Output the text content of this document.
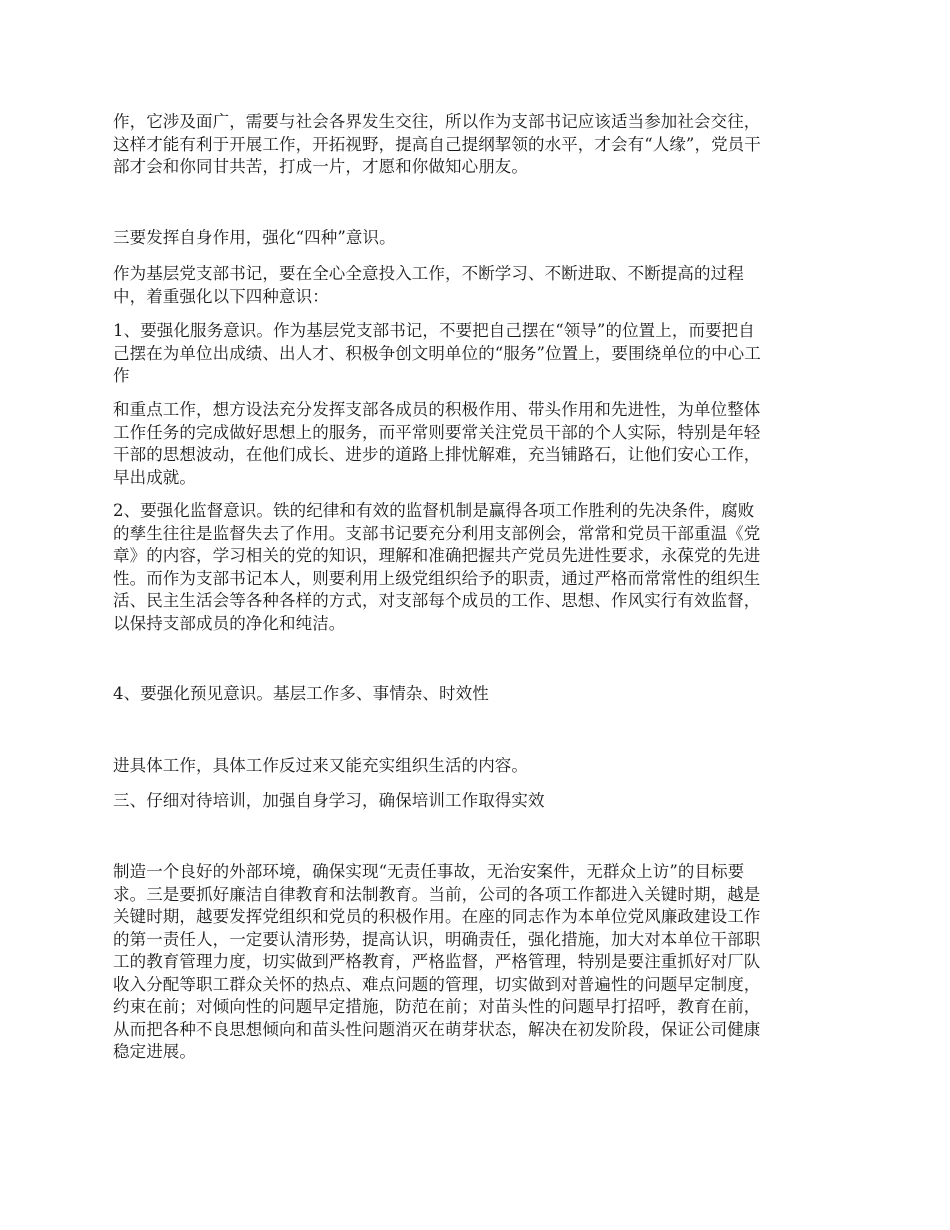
作，它涉及面广，需要与社会各界发生交往，所以作为支部书记应该适当参加社会交往，
这样才能有利于开展工作，开拓视野，提高自己提纲挈领的水平，才会有“人缘”，党员干
部才会和你同甘共苦，打成一片，才愿和你做知心朋友。

三要发挥自身作用，强化“四种”意识。

作为基层党支部书记，要在全心全意投入工作，不断学习、不断进取、不断提高的过程
中，着重强化以下四种意识：

1、要强化服务意识。作为基层党支部书记，不要把自己摆在“领导”的位置上，而要把自
己摆在为单位出成绩、出人才、积极争创文明单位的“服务”位置上，要围绕单位的中心工
作

和重点工作，想方设法充分发挥支部各成员的积极作用、带头作用和先进性，为单位整体
工作任务的完成做好思想上的服务，而平常则要常关注党员干部的个人实际，特别是年轻
干部的思想波动，在他们成长、进步的道路上排忧解难，充当铺路石，让他们安心工作，
早出成就。

2、要强化监督意识。铁的纪律和有效的监督机制是赢得各项工作胜利的先决条件，腐败
的孳生往往是监督失去了作用。支部书记要充分利用支部例会，常常和党员干部重温《党
章》的内容，学习相关的党的知识，理解和准确把握共产党员先进性要求，永葆党的先进
性。而作为支部书记本人，则要利用上级党组织给予的职责，通过严格而常常性的组织生
活、民主生活会等各种各样的方式，对支部每个成员的工作、思想、作风实行有效监督，
以保持支部成员的净化和纯洁。

4、要强化预见意识。基层工作多、事情杂、时效性

进具体工作，具体工作反过来又能充实组织生活的内容。

三、仔细对待培训，加强自身学习，确保培训工作取得实效

制造一个良好的外部环境，确保实现“无责任事故，无治安案件，无群众上访”的目标要
求。三是要抓好廉洁自律教育和法制教育。当前，公司的各项工作都进入关键时期，越是
关键时期，越要发挥党组织和党员的积极作用。在座的同志作为本单位党风廉政建设工作
的第一责任人，一定要认清形势，提高认识，明确责任，强化措施，加大对本单位干部职
工的教育管理力度，切实做到严格教育，严格监督，严格管理，特别是要注重抓好对厂队
收入分配等职工群众关怀的热点、难点问题的管理，切实做到对普遍性的问题早定制度，
约束在前；对倾向性的问题早定措施，防范在前；对苗头性的问题早打招呼，教育在前，
从而把各种不良思想倾向和苗头性问题消灭在萌芽状态，解决在初发阶段，保证公司健康
稳定进展。
